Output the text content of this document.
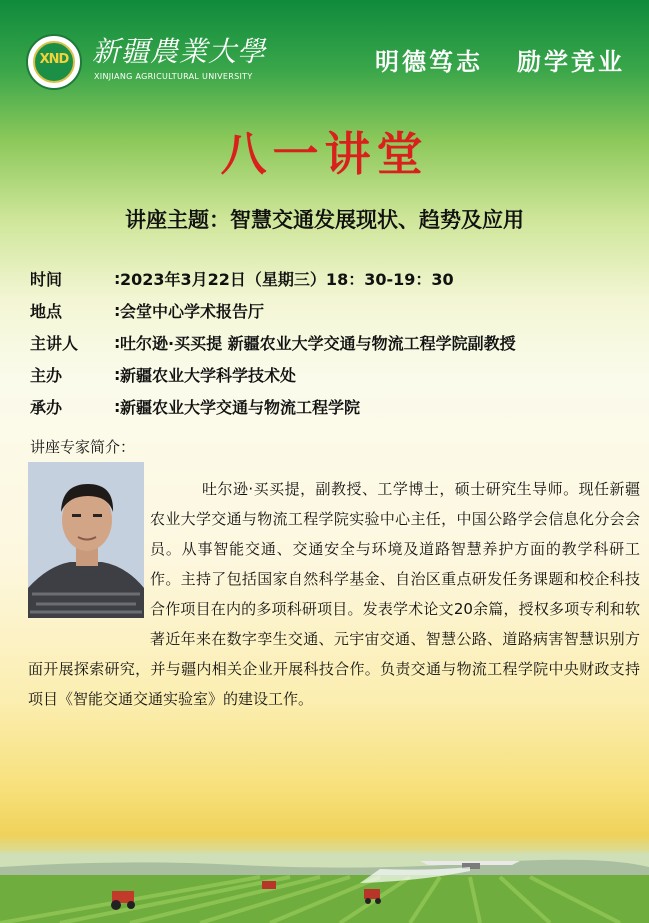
XND 新疆農業大學
XINJIANG AGRICULTURAL UNIVERSITY
明德笃志 励学竞业
八一讲堂
讲座主题：智慧交通发展现状、趋势及应用
时间	: 2023年3月22日（星期三）18：30-19：30
地点	: 会堂中心学术报告厅
主讲人	: 吐尔逊·买买提 新疆农业大学交通与物流工程学院副教授
主办	: 新疆农业大学科学技术处
承办	: 新疆农业大学交通与物流工程学院
讲座专家简介：

吐尔逊·买买提，副教授、工学博士，硕士研究生导师。现任新疆农业大学交通与物流工程学院实验中心主任，中国公路学会信息化分会会员。从事智能交通、交通安全与环境及道路智慧养护方面的教学科研工作。主持了包括国家自然科学基金、自治区重点研发任务课题和校企科技合作项目在内的多项科研项目。发表学术论文20余篇，授权多项专利和软著近年来在数字孪生交通、元宇宙交通、智慧公路、道路病害智慧识别方面开展探索研究，并与疆内相关企业开展科技合作。负责交通与物流工程学院中央财政支持项目《智能交通交通实验室》的建设工作。
